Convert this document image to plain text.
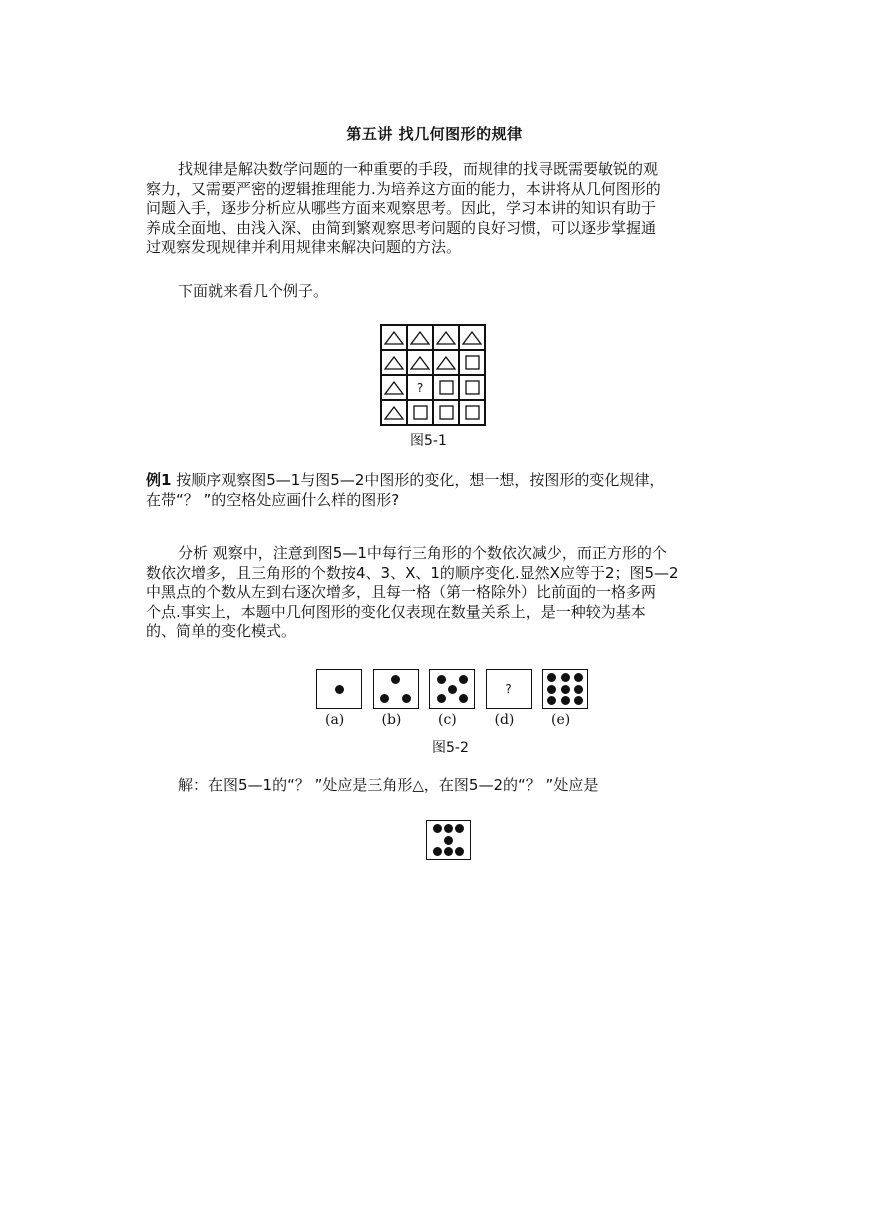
第五讲 找几何图形的规律
找规律是解决数学问题的一种重要的手段，而规律的找寻既需要敏锐的观
察力，又需要严密的逻辑推理能力.为培养这方面的能力，本讲将从几何图形的
问题入手，逐步分析应从哪些方面来观察思考。因此，学习本讲的知识有助于
养成全面地、由浅入深、由简到繁观察思考问题的良好习惯，可以逐步掌握通
过观察发现规律并利用规律来解决问题的方法。
下面就来看几个例子。
?
图5-1
例1 按顺序观察图5—1与图5—2中图形的变化，想一想，按图形的变化规律，
在带“？ ”的空格处应画什么样的图形?
分析 观察中，注意到图5—1中每行三角形的个数依次减少，而正方形的个
数依次增多，且三角形的个数按4、3、X、1的顺序变化.显然X应等于2；图5—2
中黑点的个数从左到右逐次增多，且每一格（第一格除外）比前面的一格多两
个点.事实上，本题中几何图形的变化仅表现在数量关系上，是一种较为基本
的、简单的变化模式。
(a)	(b)	(c)
?
(d)	(e)
图5-2
解：在图5—1的“？ ”处应是三角形△，在图5—2的“？ ”处应是
